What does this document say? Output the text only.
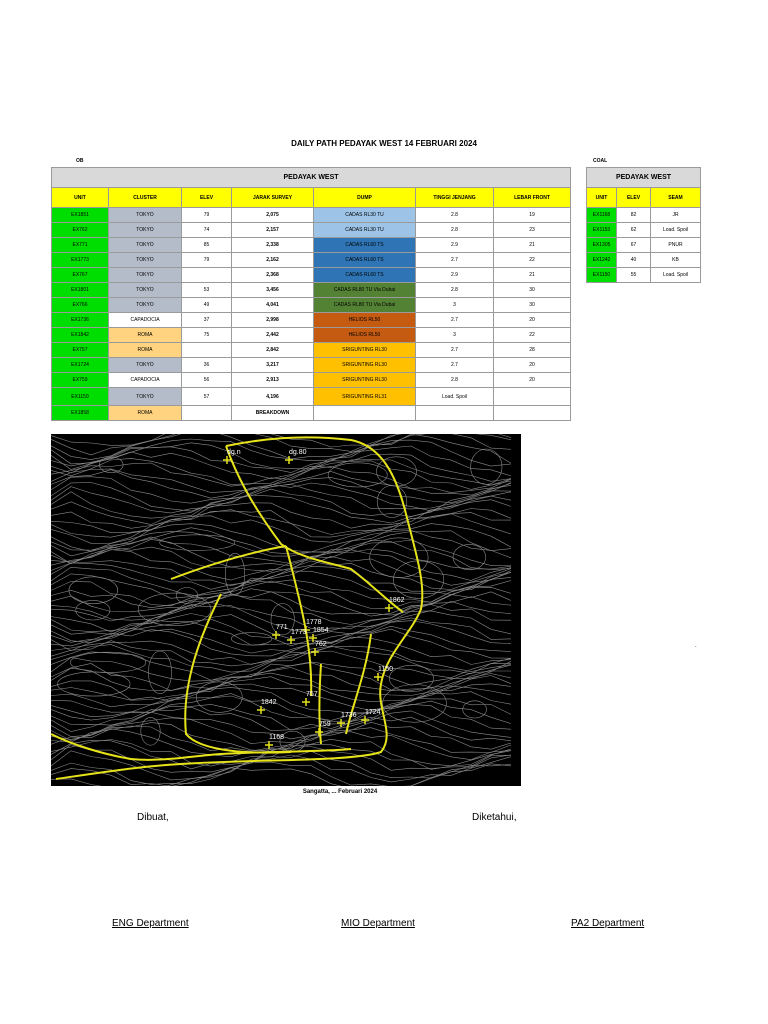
DAILY PATH PEDAYAK WEST 14 FEBRUARI 2024
OB	COAL
PEDAYAK WEST						
UNIT	CLUSTER	ELEV	JARAK SURVEY	DUMP	TINGGI JENJANG	LEBAR FRONT
EX1851	TOKYO	79	2,075	CADAS RL30 TU	2.8	19
EX762	TOKYO	74	2,157	CADAS RL30 TU	2.8	23
EX771	TOKYO	85	2,338	CADAS RL60 TS	2.9	21
EX1773	TOKYO	79	2,162	CADAS RL60 TS	2.7	22
EX767	TOKYO		2,368	CADAS RL60 TS	2.9	21
EX1801	TOKYO	53	3,456	CADAS RL80 TU Via Dubai	2.8	30
EX766	TOKYO	49	4,041	CADAS RL80 TU Via Dubai	3	30
EX1736	CAPADOCIA	37	2,998	HELIOS RL50	2.7	20
EX1842	ROMA	75	2,442	HELIOS RL50	3	22
EX757	ROMA		2,842	SRIGUNTING RL30	2.7	28
EX1724	TOKYO	36	3,217	SRIGUNTING RL30	2.7	20
EX759	CAPADOCIA	56	2,913	SRIGUNTING RL30	2.8	20
EX1150	TOKYO	57	4,196	SRIGUNTING RL31	Load. Spoil	
EX1858	ROMA		BREAKDOWN			
PEDAYAK WEST		
UNIT	ELEV	SEAM
EX1168	82	JR
EX1153	62	Load. Spoil
EX1305	67	PNUR
EX1242	40	KB
EX1150	55	Load. Spoil
dg.n	dg.80
1862
771
1778
1854
1773
762
1150
757
1842
1736 1724
759
1168
Sangatta, ... Februari 2024
Dibuat,	Diketahui,
ENG Department	MIO Department	PA2 Department
.
